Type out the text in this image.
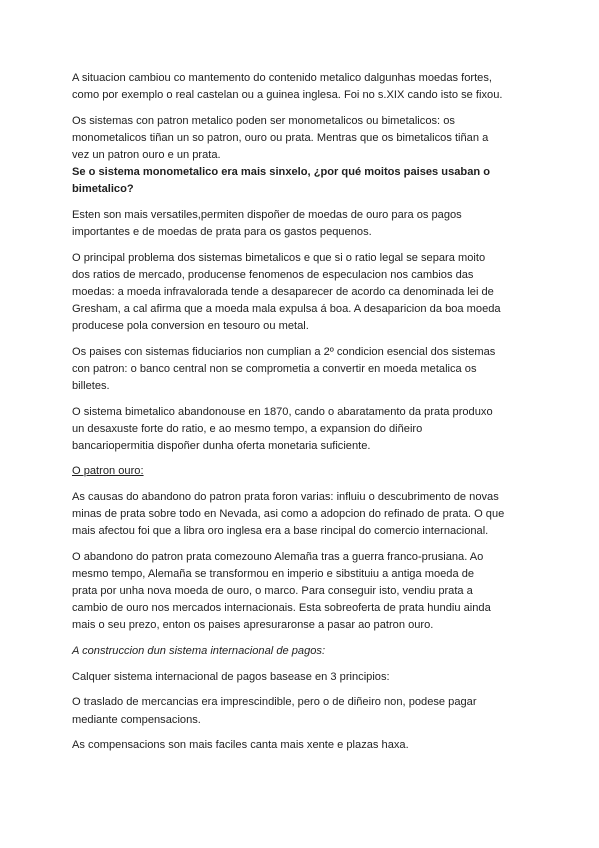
A situacion cambiou co mantemento do contenido metalico dalgunhas moedas fortes,
como por exemplo o real castelan ou a guinea inglesa. Foi no s.XIX cando isto se fixou.
Os sistemas con patron metalico poden ser monometalicos ou bimetalicos: os
monometalicos tiñan un so patron, ouro ou prata. Mentras que os bimetalicos tiñan a
vez un patron ouro e un prata.
Se o sistema monometalico era mais sinxelo, ¿por qué moitos paises usaban o
bimetalico?
Esten son mais versatiles,permiten dispoñer de moedas de ouro para os pagos
importantes e de moedas de prata para os gastos pequenos.
O principal problema dos sistemas bimetalicos e que si o ratio legal se separa moito
dos ratios de mercado, producense fenomenos de especulacion nos cambios das
moedas: a moeda infravalorada tende a desaparecer de acordo ca denominada lei de
Gresham, a cal afirma que a moeda mala expulsa á boa. A desaparicion da boa moeda
producese pola conversion en tesouro ou metal.
Os paises con sistemas fiduciarios non cumplian a 2º condicion esencial dos sistemas
con patron: o banco central non se comprometia a convertir en moeda metalica os
billetes.
O sistema bimetalico abandonouse en 1870, cando o abaratamento da prata produxo
un desaxuste forte do ratio, e ao mesmo tempo, a expansion do diñeiro
bancariopermitia dispoñer dunha oferta monetaria suficiente.
O patron ouro:
As causas do abandono do patron prata foron varias: influiu o descubrimento de novas
minas de prata sobre todo en Nevada, asi como a adopcion do refinado de prata. O que
mais afectou foi que a libra oro inglesa era a base rincipal do comercio internacional.
O abandono do patron prata comezouno Alemaña tras a guerra franco-prusiana. Ao
mesmo tempo, Alemaña se transformou en imperio e sibstituiu a antiga moeda de
prata por unha nova moeda de ouro, o marco. Para conseguir isto, vendiu prata a
cambio de ouro nos mercados internacionais. Esta sobreoferta de prata hundiu ainda
mais o seu prezo, enton os paises apresuraronse a pasar ao patron ouro.
A construccion dun sistema internacional de pagos:
Calquer sistema internacional de pagos basease en 3 principios:
O traslado de mercancias era imprescindible, pero o de diñeiro non, podese pagar
mediante compensacions.
As compensacions son mais faciles canta mais xente e plazas haxa.
